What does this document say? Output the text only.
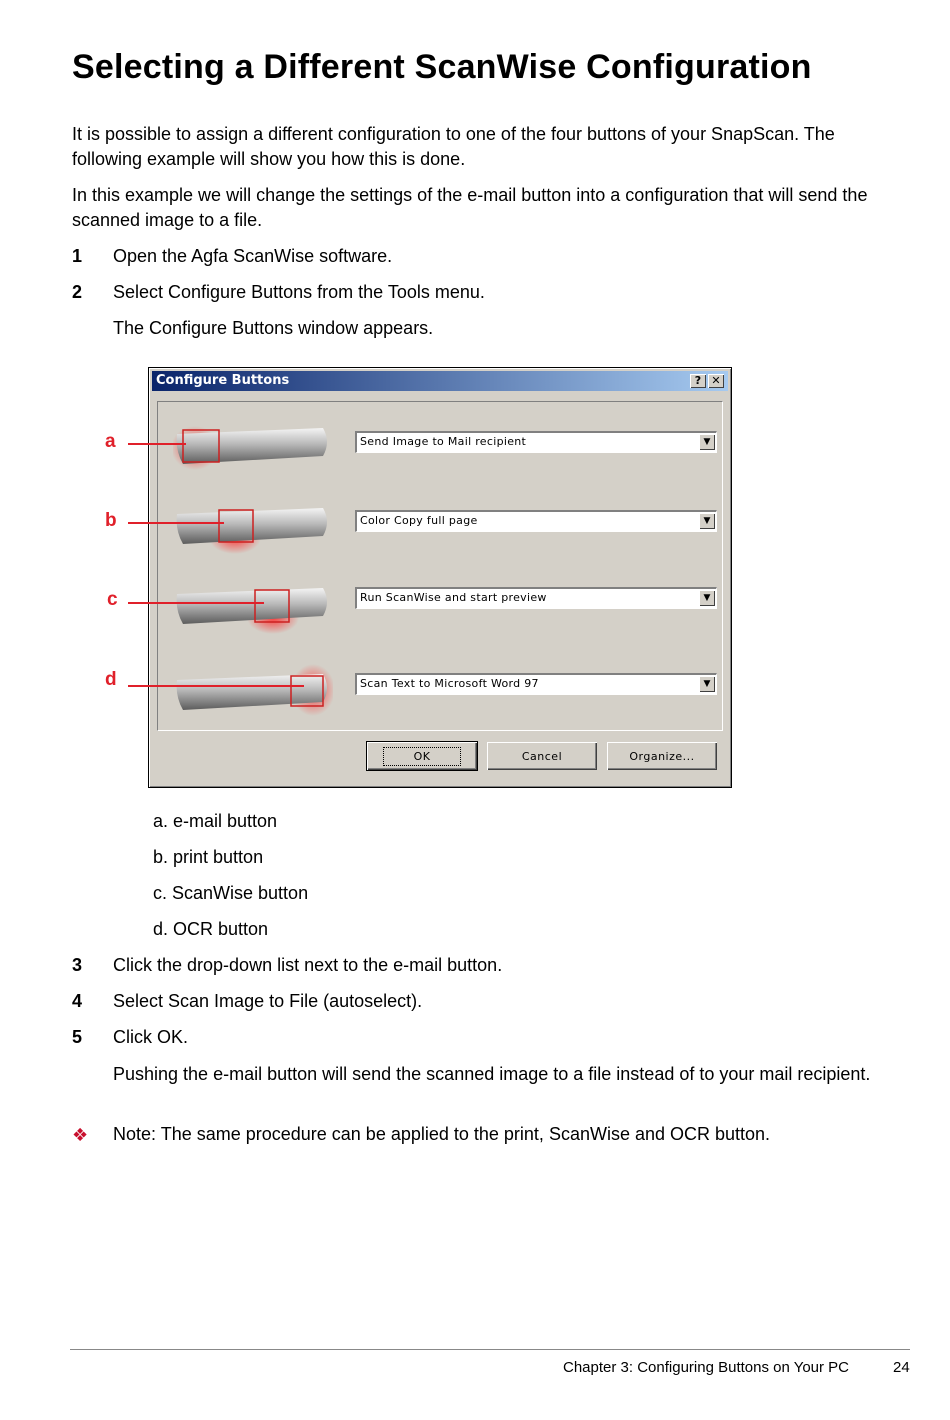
Selecting a Different ScanWise Configuration

It is possible to assign a different configuration to one of the four buttons of your SnapScan. The following example will show you how this is done.

In this example we will change the settings of the e-mail button into a configuration that will send the scanned image to a file.

1 Open the Agfa ScanWise software.
2 Select Configure Buttons from the Tools menu.
The Configure Buttons window appears.
Configure Buttons	? ✕
Send Image to Mail recipient	▼
Color Copy full page	▼
Run ScanWise and start preview	▼
Scan Text to Microsoft Word 97	▼
OK	Cancel	Organize...
a
b
c
d
a. e-mail button
b. print button
c. ScanWise button
d. OCR button
3 Click the drop-down list next to the e-mail button.
4 Select Scan Image to File (autoselect).
5 Click OK.
Pushing the e-mail button will send the scanned image to a file instead of to your mail recipient.
❖ Note: The same procedure can be applied to the print, ScanWise and OCR button.
Chapter 3: Configuring Buttons on Your PC	24
